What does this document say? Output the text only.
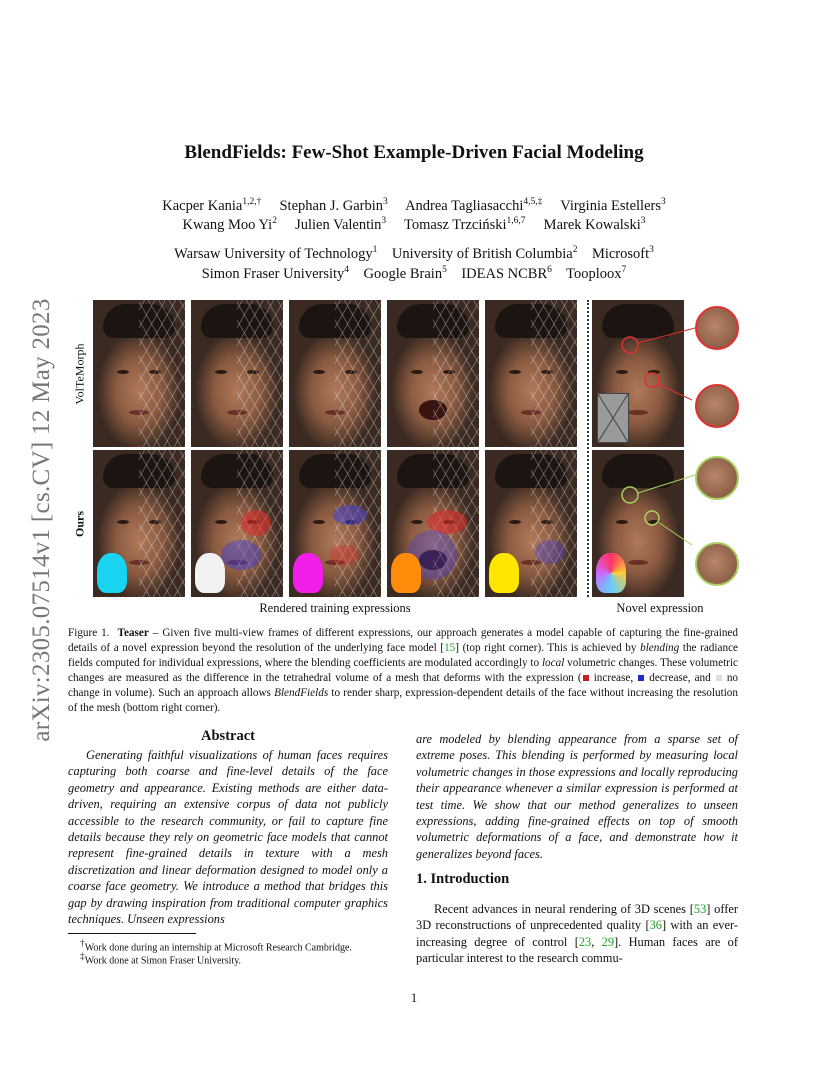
arXiv:2305.07514v1 [cs.CV] 12 May 2023
BlendFields: Few-Shot Example-Driven Facial Modeling
Kacper Kania$^{1,2,\dagger}$ Stephan J. Garbin$^3$ Andrea Tagliasacchi$^{4,5,\ddagger}$ Virginia Estellers$^3$
Kwang Moo Yi$^2$ Julien Valentin$^3$ Tomasz Trzciński$^{1,6,7}$ Marek Kowalski$^3$
Warsaw University of Technology$^1$ University of British Columbia$^2$ Microsoft$^3$
Simon Fraser University$^4$ Google Brain$^5$ IDEAS NCBR$^6$ Tooploox$^7$
VolTeMorph
Ours
Rendered training expressions	Novel expression
Figure 1. Teaser – Given five multi-view frames of different expressions, our approach generates a model capable of capturing the fine-grained details of a novel expression beyond the resolution of the underlying face model [15] (top right corner). This is achieved by blending the radiance fields computed for individual expressions, where the blending coefficients are modulated accordingly to local volumetric changes. These volumetric changes are measured as the difference in the tetrahedral volume of a mesh that deforms with the expression ( increase,  decrease, and  no change in volume). Such an approach allows BlendFields to render sharp, expression-dependent details of the face without increasing the resolution of the mesh (bottom right corner).
Abstract
Generating faithful visualizations of human faces requires capturing both coarse and fine-level details of the face geometry and appearance. Existing methods are either data-driven, requiring an extensive corpus of data not publicly accessible to the research community, or fail to capture fine details because they rely on geometric face models that cannot represent fine-grained details in texture with a mesh discretization and linear deformation designed to model only a coarse face geometry. We introduce a method that bridges this gap by drawing inspiration from traditional computer graphics techniques. Unseen expressions
†Work done during an internship at Microsoft Research Cambridge.
‡Work done at Simon Fraser University.
are modeled by blending appearance from a sparse set of extreme poses. This blending is performed by measuring local volumetric changes in those expressions and locally reproducing their appearance whenever a similar expression is performed at test time. We show that our method generalizes to unseen expressions, adding fine-grained effects on top of smooth volumetric deformations of a face, and demonstrate how it generalizes beyond faces.
1. Introduction
Recent advances in neural rendering of 3D scenes [53] offer 3D reconstructions of unprecedented quality [36] with an ever-increasing degree of control [23, 29]. Human faces are of particular interest to the research commu-
1
